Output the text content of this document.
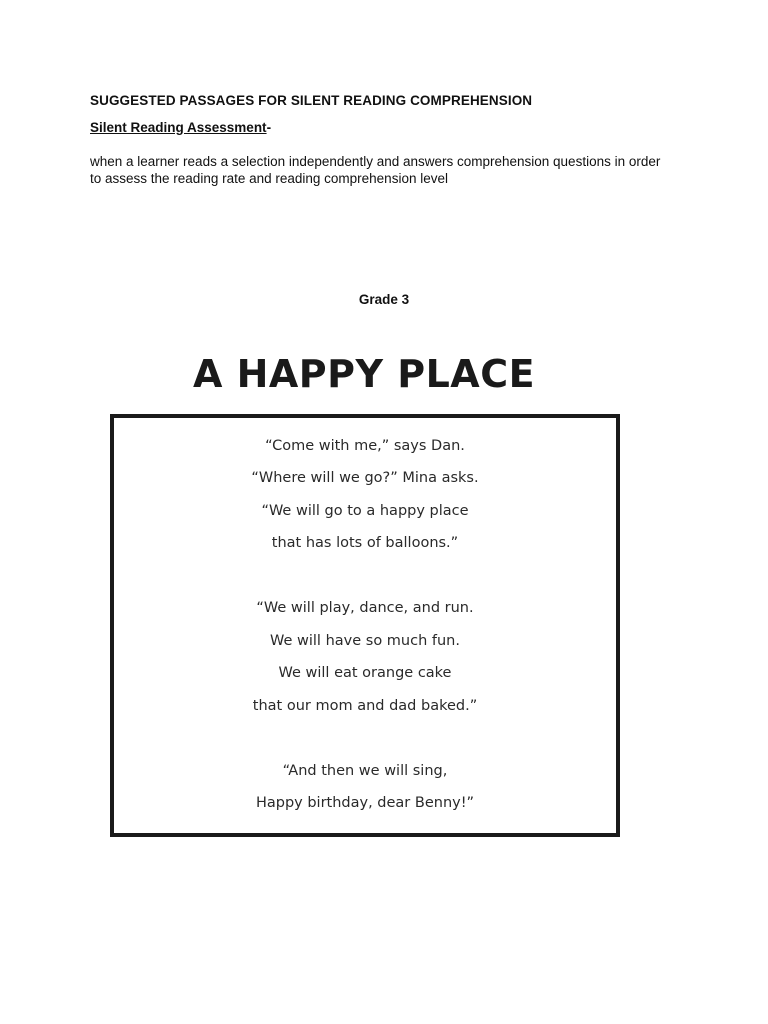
SUGGESTED PASSAGES FOR SILENT READING COMPREHENSION
Silent Reading Assessment-
when a learner reads a selection independently and answers comprehension questions in order to assess the reading rate and reading comprehension level
Grade 3
A HAPPY PLACE
“Come with me,” says Dan.
“Where will we go?” Mina asks.
“We will go to a happy place
that has lots of balloons.”
“We will play, dance, and run.
We will have so much fun.
We will eat orange cake
that our mom and dad baked.”
“And then we will sing,
Happy birthday, dear Benny!”
